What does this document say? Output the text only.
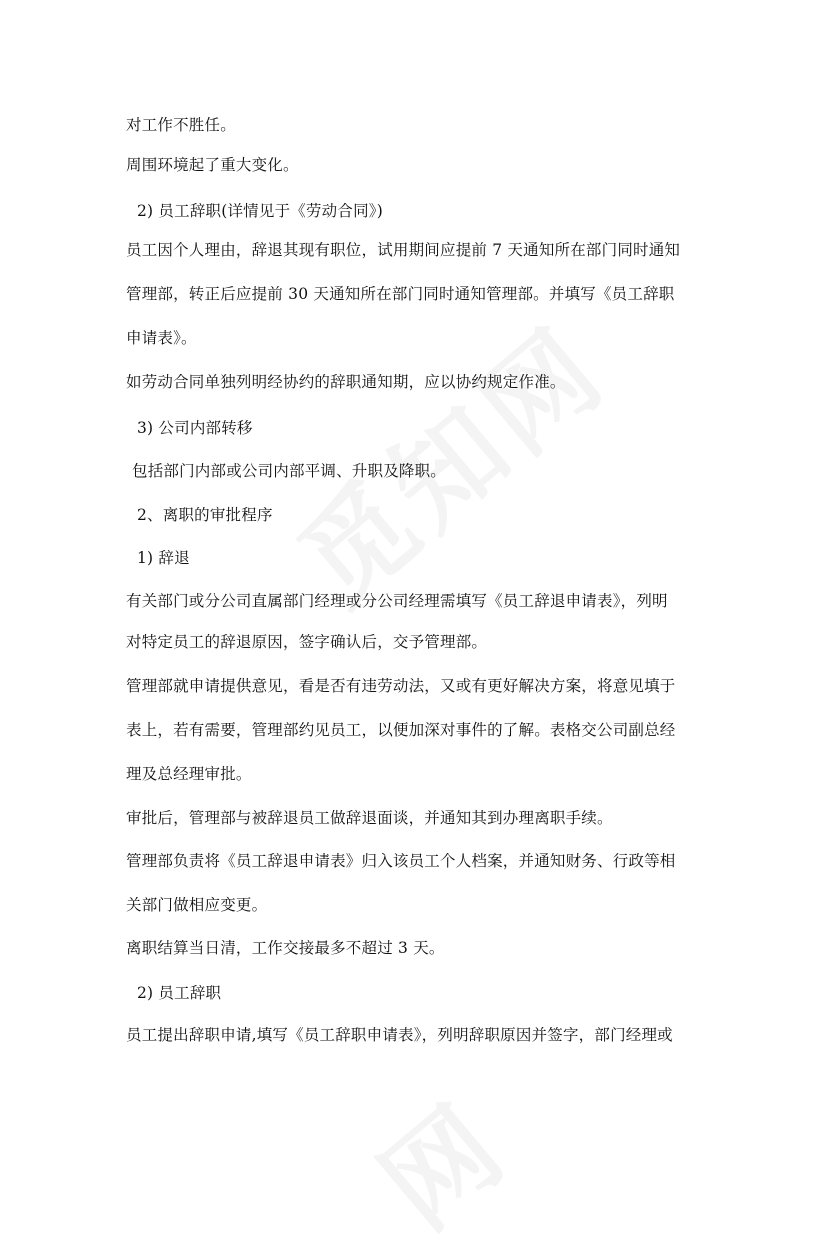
对工作不胜任。
周围环境起了重大变化。
2) 员工辞职(详情见于《劳动合同》)
员工因个人理由，辞退其现有职位，试用期间应提前 7 天通知所在部门同时通知
管理部，转正后应提前 30 天通知所在部门同时通知管理部。并填写《员工辞职
申请表》。
如劳动合同单独列明经协约的辞职通知期，应以协约规定作准。
3) 公司内部转移
包括部门内部或公司内部平调、升职及降职。
2、离职的审批程序
1) 辞退
有关部门或分公司直属部门经理或分公司经理需填写《员工辞退申请表》，列明
对特定员工的辞退原因，签字确认后，交予管理部。
管理部就申请提供意见，看是否有违劳动法，又或有更好解决方案，将意见填于
表上，若有需要，管理部约见员工，以便加深对事件的了解。表格交公司副总经
理及总经理审批。
审批后，管理部与被辞退员工做辞退面谈，并通知其到办理离职手续。
管理部负责将《员工辞退申请表》归入该员工个人档案，并通知财务、行政等相
关部门做相应变更。
离职结算当日清，工作交接最多不超过 3 天。
2) 员工辞职
员工提出辞职申请,填写《员工辞职申请表》，列明辞职原因并签字，部门经理或
